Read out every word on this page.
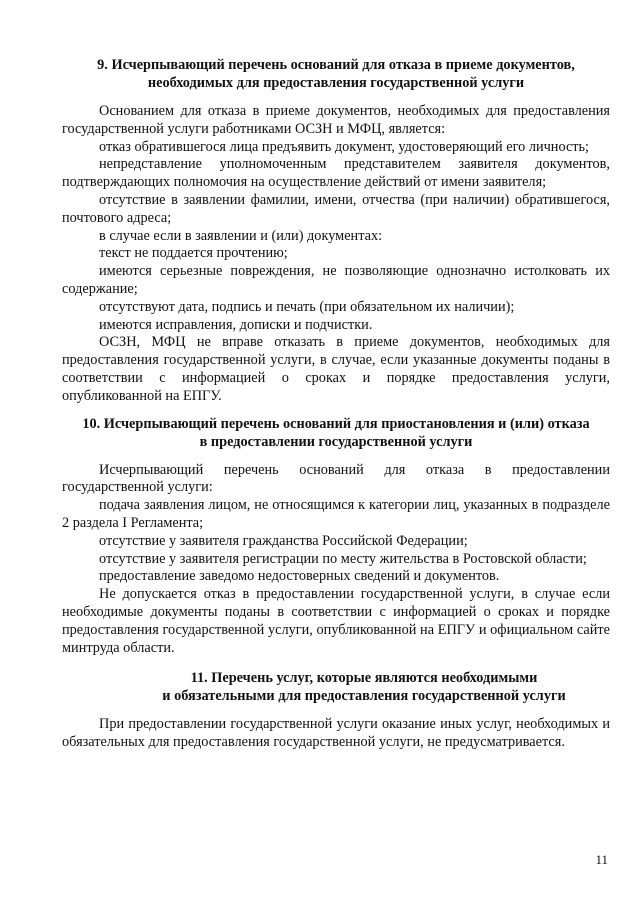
9. Исчерпывающий перечень оснований для отказа в приеме документов,
необходимых для предоставления государственной услуги

Основанием для отказа в приеме документов, необходимых для предоставления государственной услуги работниками ОСЗН и МФЦ, является:

отказ обратившегося лица предъявить документ, удостоверяющий его личность;

непредставление уполномоченным представителем заявителя документов, подтверждающих полномочия на осуществление действий от имени заявителя;

отсутствие в заявлении фамилии, имени, отчества (при наличии) обратившегося, почтового адреса;

в случае если в заявлении и (или) документах:

текст не поддается прочтению;

имеются серьезные повреждения, не позволяющие однозначно истолковать их содержание;

отсутствуют дата, подпись и печать (при обязательном их наличии);

имеются исправления, дописки и подчистки.

ОСЗН, МФЦ не вправе отказать в приеме документов, необходимых для предоставления государственной услуги, в случае, если указанные документы поданы в соответствии с информацией о сроках и порядке предоставления услуги, опубликованной на ЕПГУ.

10. Исчерпывающий перечень оснований для приостановления и (или) отказа
в предоставлении государственной услуги

Исчерпывающий перечень оснований для отказа в предоставлении государственной услуги:

подача заявления лицом, не относящимся к категории лиц, указанных в подразделе 2 раздела I Регламента;

отсутствие у заявителя гражданства Российской Федерации;

отсутствие у заявителя регистрации по месту жительства в Ростовской области;

предоставление заведомо недостоверных сведений и документов.

Не допускается отказ в предоставлении государственной услуги, в случае если необходимые документы поданы в соответствии с информацией о сроках и порядке предоставления государственной услуги, опубликованной на ЕПГУ и официальном сайте минтруда области.

11. Перечень услуг, которые являются необходимыми
и обязательными для предоставления государственной услуги

При предоставлении государственной услуги оказание иных услуг, необходимых и обязательных для предоставления государственной услуги, не предусматривается.

11
